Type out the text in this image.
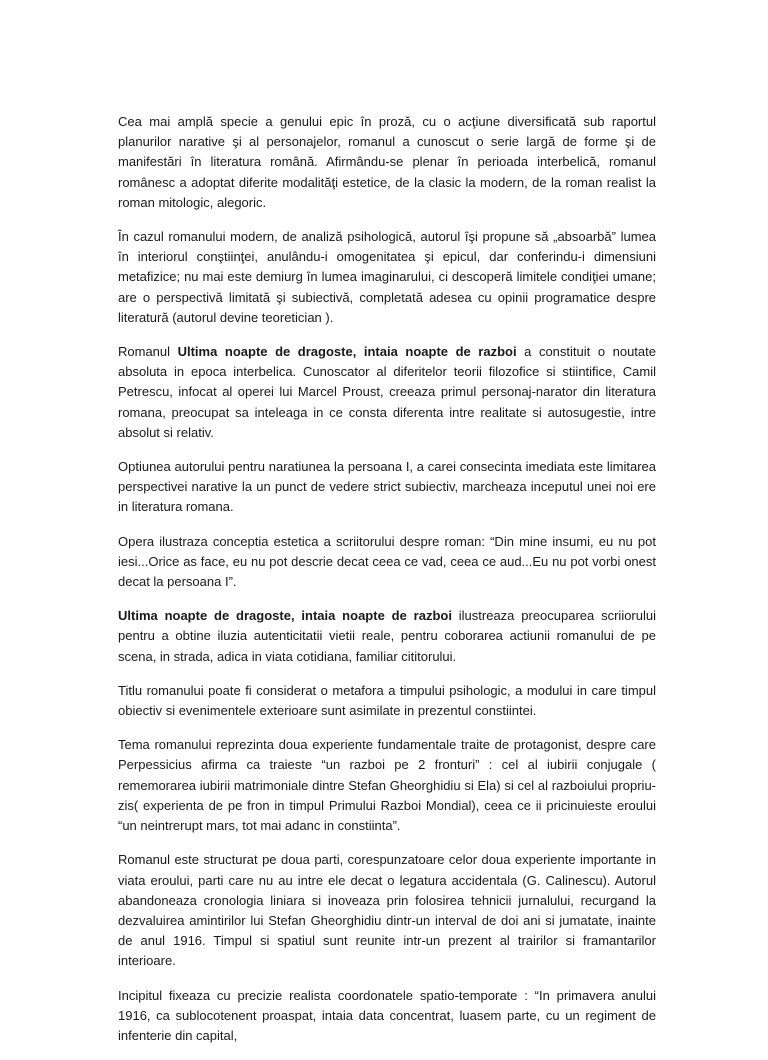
Cea mai amplă specie a genului epic în proză, cu o acţiune diversificată sub raportul planurilor narative şi al personajelor, romanul a cunoscut o serie largă de forme şi de manifestări în literatura română. Afirmându-se plenar în perioada interbelică, romanul românesc a adoptat diferite modalităţi estetice, de la clasic la modern, de la roman realist la roman mitologic, alegoric.

În cazul romanului modern, de analiză psihologică, autorul îşi propune să „absoarbă” lumea în interiorul conştiinţei, anulându-i omogenitatea şi epicul, dar conferindu-i dimensiuni metafizice; nu mai este demiurg în lumea imaginarului, ci descoperă limitele condiţiei umane; are o perspectivă limitată şi subiectivă, completată adesea cu opinii programatice despre literatură (autorul devine teoretician ).

Romanul Ultima noapte de dragoste, intaia noapte de razboi a constituit o noutate absoluta in epoca interbelica. Cunoscator al diferitelor teorii filozofice si stiintifice, Camil Petrescu, infocat al operei lui Marcel Proust, creeaza primul personaj-narator din literatura romana, preocupat sa inteleaga in ce consta diferenta intre realitate si autosugestie, intre absolut si relativ.

Optiunea autorului pentru naratiunea la persoana I, a carei consecinta imediata este limitarea perspectivei narative la un punct de vedere strict subiectiv, marcheaza inceputul unei noi ere in literatura romana.

Opera ilustraza conceptia estetica a scriitorului despre roman: “Din mine insumi, eu nu pot iesi...Orice as face, eu nu pot descrie decat ceea ce vad, ceea ce aud...Eu nu pot vorbi onest decat la persoana I”.

Ultima noapte de dragoste, intaia noapte de razboi ilustreaza preocuparea scriiorului pentru a obtine iluzia autenticitatii vietii reale, pentru coborarea actiunii romanului de pe scena, in strada, adica in viata cotidiana, familiar cititorului.

Titlu romanului poate fi considerat o metafora a timpului psihologic, a modului in care timpul obiectiv si evenimentele exterioare sunt asimilate in prezentul constiintei.

Tema romanului reprezinta doua experiente fundamentale traite de protagonist, despre care Perpessicius afirma ca traieste “un razboi pe 2 fronturi” : cel al iubirii conjugale ( rememorarea iubirii matrimoniale dintre Stefan Gheorghidiu si Ela) si cel al razboiului propriu-zis( experienta de pe fron in timpul Primului Razboi Mondial), ceea ce ii pricinuieste eroului “un neintrerupt mars, tot mai adanc in constiinta”.

Romanul este structurat pe doua parti, corespunzatoare celor doua experiente importante in viata eroului, parti care nu au intre ele decat o legatura accidentala (G. Calinescu). Autorul abandoneaza cronologia liniara si inoveaza prin folosirea tehnicii jurnalului, recurgand la dezvaluirea amintirilor lui Stefan Gheorghidiu dintr-un interval de doi ani si jumatate, inainte de anul 1916. Timpul si spatiul sunt reunite intr-un prezent al trairilor si framantarilor interioare.

Incipitul fixeaza cu precizie realista coordonatele spatio-temporate : “In primavera anului 1916, ca sublocotenent proaspat, intaia data concentrat, luasem parte, cu un regiment de infenterie din capital,
